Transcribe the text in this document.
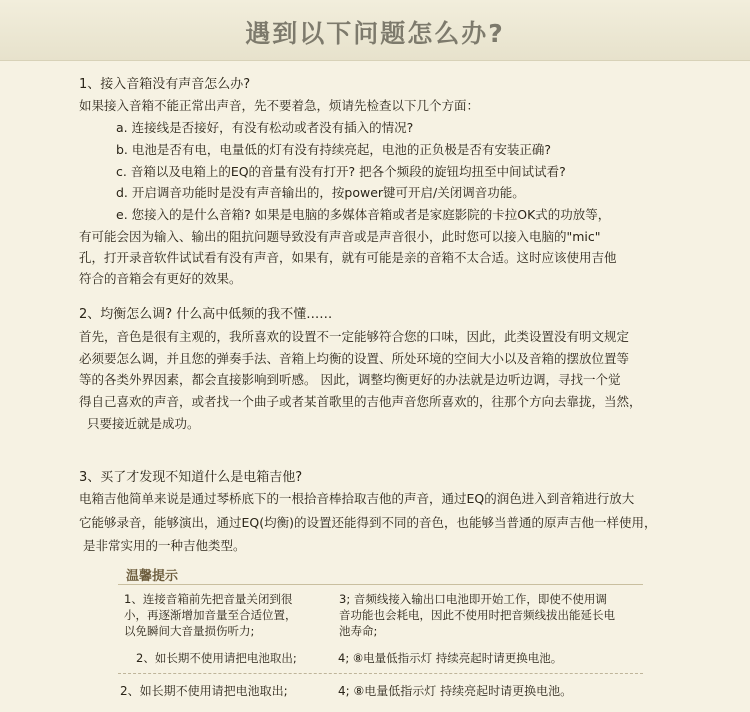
遇到以下问题怎么办?
1、接入音箱没有声音怎么办?
如果接入音箱不能正常出声音，先不要着急，烦请先检查以下几个方面：
a. 连接线是否接好，有没有松动或者没有插入的情况?
b. 电池是否有电，电量低的灯有没有持续亮起，电池的正负极是否有安装正确?
c. 音箱以及电箱上的EQ的音量有没有打开? 把各个频段的旋钮均扭至中间试试看?
d. 开启调音功能时是没有声音输出的，按power键可开启/关闭调音功能。
e. 您接入的是什么音箱? 如果是电脑的多媒体音箱或者是家庭影院的卡拉OK式的功放等，
有可能会因为输入、输出的阻抗问题导致没有声音或是声音很小，此时您可以接入电脑的"mic"
孔，打开录音软件试试看有没有声音，如果有，就有可能是亲的音箱不太合适。这时应该使用吉他
符合的音箱会有更好的效果。
2、均衡怎么调? 什么高中低频的我不懂……
首先，音色是很有主观的，我所喜欢的设置不一定能够符合您的口味，因此，此类设置没有明文规定
必须要怎么调，并且您的弹奏手法、音箱上均衡的设置、所处环境的空间大小以及音箱的摆放位置等
等的各类外界因素，都会直接影响到听感。 因此，调整均衡更好的办法就是边听边调，寻找一个觉
得自己喜欢的声音，或者找一个曲子或者某首歌里的吉他声音您所喜欢的，往那个方向去靠拢，当然，
只要接近就是成功。
3、买了才发现不知道什么是电箱吉他?
电箱吉他简单来说是通过琴桥底下的一根拾音棒拾取吉他的声音，通过EQ的润色进入到音箱进行放大
它能够录音，能够演出，通过EQ(均衡)的设置还能得到不同的音色，也能够当普通的原声吉他一样使用，
是非常实用的一种吉他类型。
温馨提示
1、连接音箱前先把音量关闭到很
小，再逐渐增加音量至合适位置，
以免瞬间大音量损伤听力;
3; 音频线接入输出口电池即开始工作，即使不使用调
音功能也会耗电，因此不使用时把音频线拔出能延长电
池寿命;
2、如长期不使用请把电池取出;	4; ⑧电量低指示灯 持续亮起时请更换电池。
2、如长期不使用请把电池取出;	4; ⑧电量低指示灯 持续亮起时请更换电池。
